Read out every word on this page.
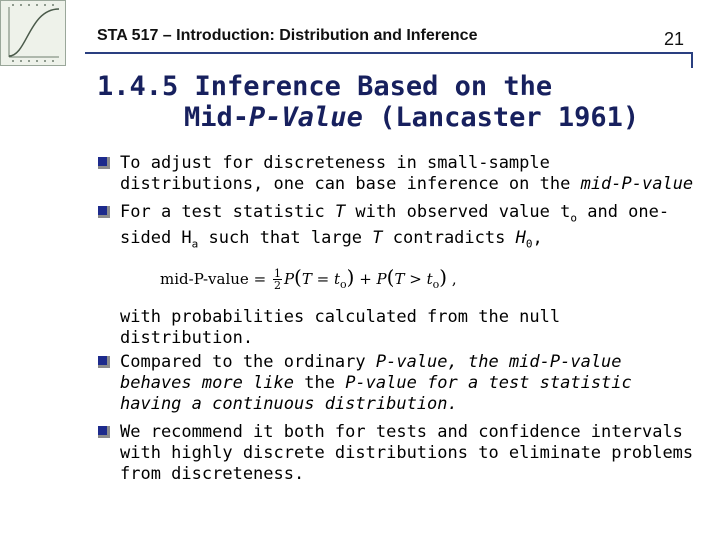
STA 517 – Introduction: Distribution and Inference	21
1.4.5 Inference Based on the
Mid-P-Value (Lancaster 1961)
To adjust for discreteness in small-sample distributions, one can base inference on the mid-P-value
For a test statistic T with observed value $t_o$ and one-sided $H_a$ such that large T contradicts $H_0$,
mid-P-value = $\frac{1}{2} P(T = t_o) + P(T > t_o)$ ,
with probabilities calculated from the null distribution.
Compared to the ordinary P-value, the mid-P-value behaves more like the P-value for a test statistic having a continuous distribution.
We recommend it both for tests and confidence intervals with highly discrete distributions to eliminate problems from discreteness.
